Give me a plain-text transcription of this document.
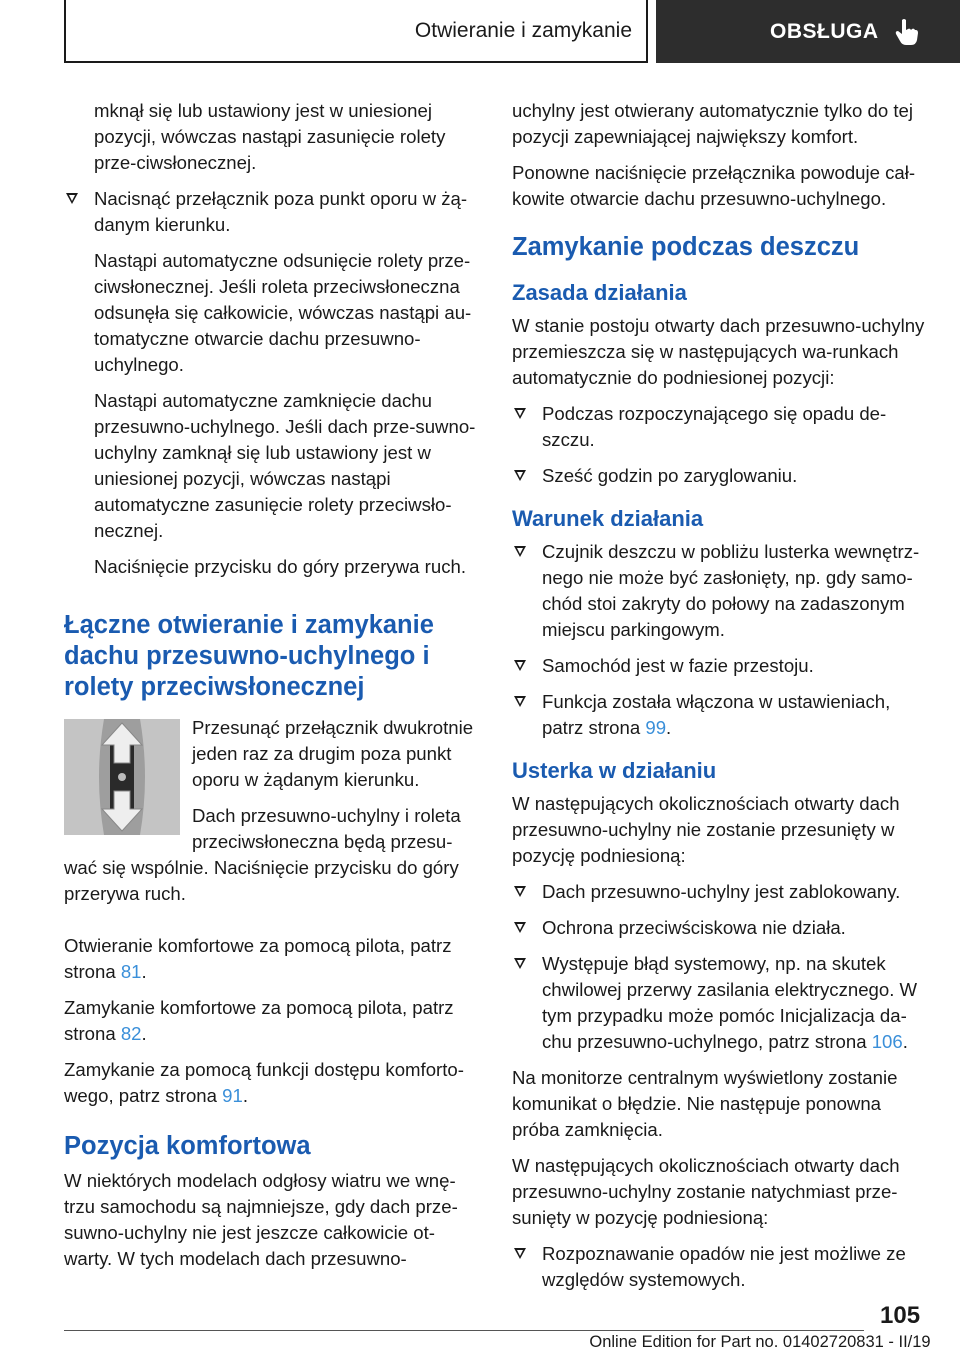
Otwieranie i zamykanie	OBSŁUGA

mknął się lub ustawiony jest w uniesionej pozycji, wówczas nastąpi zasunięcie rolety prze-ciwsłonecznej.

Nacisnąć przełącznik poza punkt oporu w żą-danym kierunku.

Nastąpi automatyczne odsunięcie rolety prze-ciwsłonecznej. Jeśli roleta przeciwsłoneczna odsunęła się całkowicie, wówczas nastąpi au-tomatyczne otwarcie dachu przesuwno-uchylnego.

Nastąpi automatyczne zamknięcie dachu przesuwno-uchylnego. Jeśli dach prze-suwno-uchylny zamknął się lub ustawiony jest w uniesionej pozycji, wówczas nastąpi automatyczne zasunięcie rolety przeciwsło-necznej.

Naciśnięcie przycisku do góry przerywa ruch.

Łączne otwieranie i zamykanie dachu przesuwno-uchylnego i rolety przeciwsłonecznej

Przesunąć przełącznik dwukrotnie jeden raz za drugim poza punkt oporu w żądanym kierunku.

Dach przesuwno-uchylny i roleta przeciwsłoneczna będą przesu-wać się wspólnie. Naciśnięcie przycisku do góry przerywa ruch.

Otwieranie komfortowe za pomocą pilota, patrz strona 81.

Zamykanie komfortowe za pomocą pilota, patrz strona 82.

Zamykanie za pomocą funkcji dostępu komforto-wego, patrz strona 91.

Pozycja komfortowa

W niektórych modelach odgłosy wiatru we wnę-trzu samochodu są najmniejsze, gdy dach prze-suwno-uchylny nie jest jeszcze całkowicie ot-warty. W tych modelach dach przesuwno-

uchylny jest otwierany automatycznie tylko do tej pozycji zapewniającej największy komfort.

Ponowne naciśnięcie przełącznika powoduje cał-kowite otwarcie dachu przesuwno-uchylnego.

Zamykanie podczas deszczu
Zasada działania

W stanie postoju otwarty dach przesuwno-uchylny przemieszcza się w następujących wa-runkach automatycznie do podniesionej pozycji:

Podczas rozpoczynającego się opadu de-szczu.
Sześć godzin po zaryglowaniu.
Warunek działania
Czujnik deszczu w pobliżu lusterka wewnętrz-nego nie może być zasłonięty, np. gdy samo-chód stoi zakryty do połowy na zadaszonym miejscu parkingowym.
Samochód jest w fazie przestoju.
Funkcja została włączona w ustawieniach, patrz strona 99.
Usterka w działaniu

W następujących okolicznościach otwarty dach przesuwno-uchylny nie zostanie przesunięty w pozycję podniesioną:

Dach przesuwno-uchylny jest zablokowany.
Ochrona przeciwściskowa nie działa.
Występuje błąd systemowy, np. na skutek chwilowej przerwy zasilania elektrycznego. W tym przypadku może pomóc Inicjalizacja da-chu przesuwno-uchylnego, patrz strona 106.

Na monitorze centralnym wyświetlony zostanie komunikat o błędzie. Nie następuje ponowna próba zamknięcia.

W następujących okolicznościach otwarty dach przesuwno-uchylny zostanie natychmiast prze-sunięty w pozycję podniesioną:

Rozpoznawanie opadów nie jest możliwe ze względów systemowych.
105
Online Edition for Part no. 01402720831 - II/19
